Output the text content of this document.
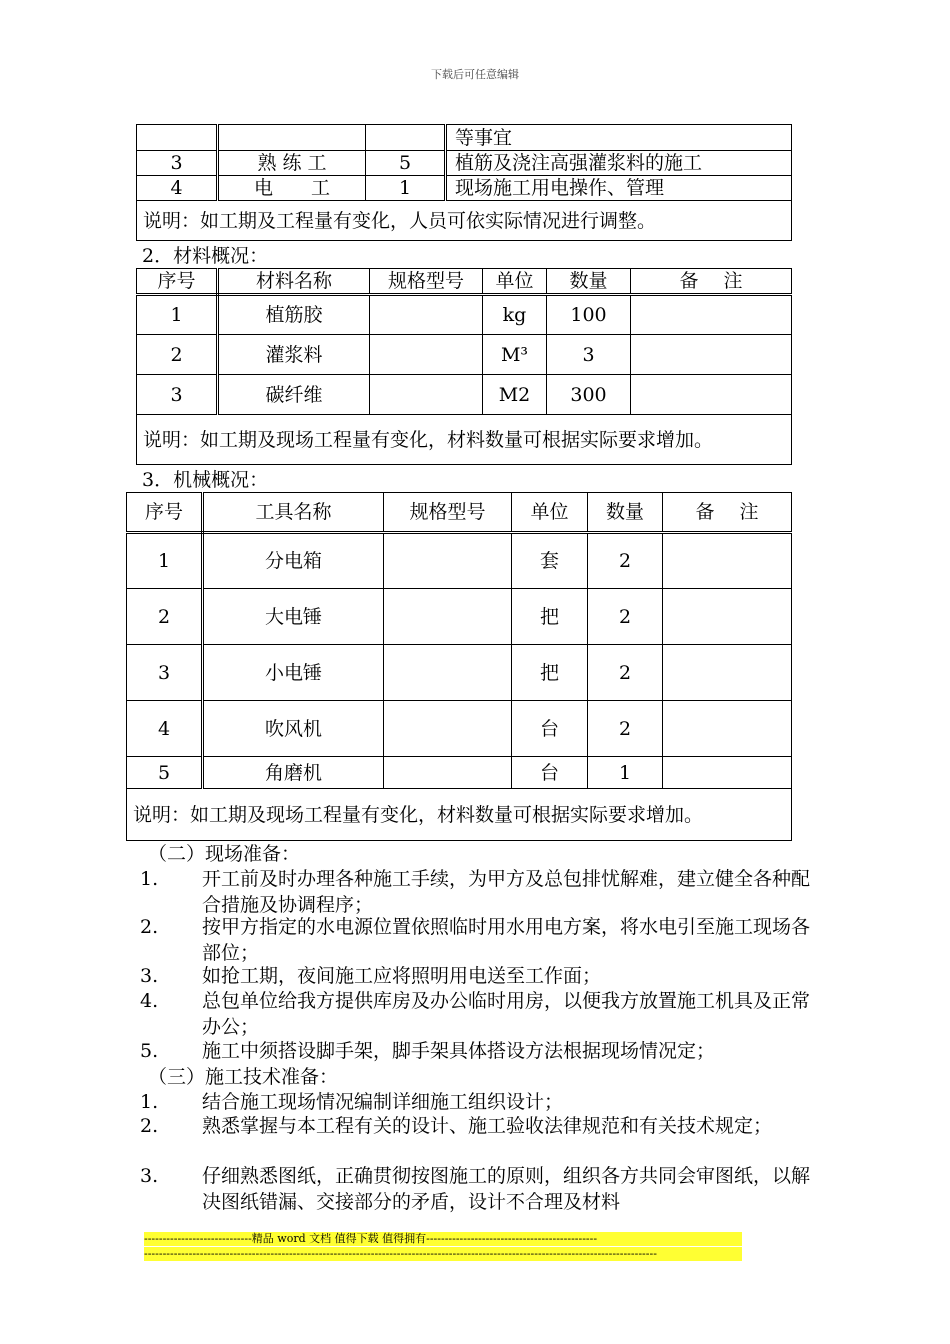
下载后可任意编辑
			等事宜
3	熟 练 工	5	植筋及浇注高强灌浆料的施工
4	电　　工	1	现场施工用电操作、管理
说明：如工期及工程量有变化，人员可依实际情况进行调整。			
2．材料概况：
序号	材料名称	规格型号	单位	数量	备　 注
1	植筋胶		kg	100	
2	灌浆料		M³	3	
3	碳纤维		M2	300	
说明：如工期及现场工程量有变化，材料数量可根据实际要求增加。					
3．机械概况：
序号	工具名称	规格型号	单位	数量	备　 注
1	分电箱		套	2	
2	大电锤		把	2	
3	小电锤		把	2	
4	吹风机		台	2	
5	角磨机		台	1	
说明：如工期及现场工程量有变化，材料数量可根据实际要求增加。					
（二）现场准备：
1. 开工前及时办理各种施工手续，为甲方及总包排忧解难，建立健全各种配合措施及协调程序；
2. 按甲方指定的水电源位置依照临时用水用电方案，将水电引至施工现场各部位；
3. 如抢工期，夜间施工应将照明用电送至工作面；
4. 总包单位给我方提供库房及办公临时用房，以便我方放置施工机具及正常办公；
5. 施工中须搭设脚手架，脚手架具体搭设方法根据现场情况定；
（三）施工技术准备：
1. 结合施工现场情况编制详细施工组织设计；
2. 熟悉掌握与本工程有关的设计、施工验收法律规范和有关技术规定；
3. 仔细熟悉图纸，正确贯彻按图施工的原则，组织各方共同会审图纸，以解决图纸错漏、交接部分的矛盾，设计不合理及材料
-----------------------------精品 word 文档 值得下载 值得拥有----------------------------------------------
------------------------------------------------------------------------------------------------------------------------------------------
